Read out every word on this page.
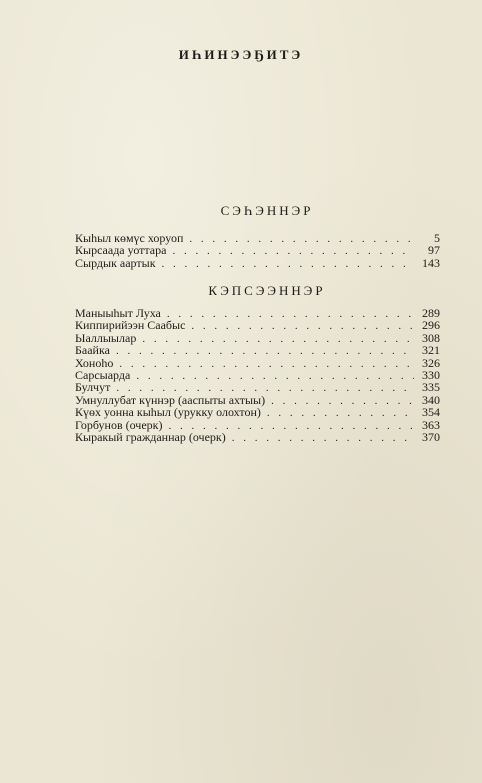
ИҺИНЭЭҔИТЭ
СЭҺЭННЭР
Кыһыл көмүс хоруоп . . .	5
Кырсаада уоттара . . .	97
Сырдык аартык . . .	143
КЭПСЭЭННЭР
Маныыһыт Луха . . .	289
Киппирийээн Саабыс . . .	296
Ыаллыылар . . .	308
Баайка . . .	321
Хоноһо . . .	326
Сарсыарда . . .	330
Булчут . . .	335
Умнуллубат күннэр (ааспыты ахтыы) . . .	340
Күөх уонна кыһыл (урукку олохтон) . . .	354
Горбунов (очерк) . . .	363
Кыракый гражданнар (очерк) . . .	370
